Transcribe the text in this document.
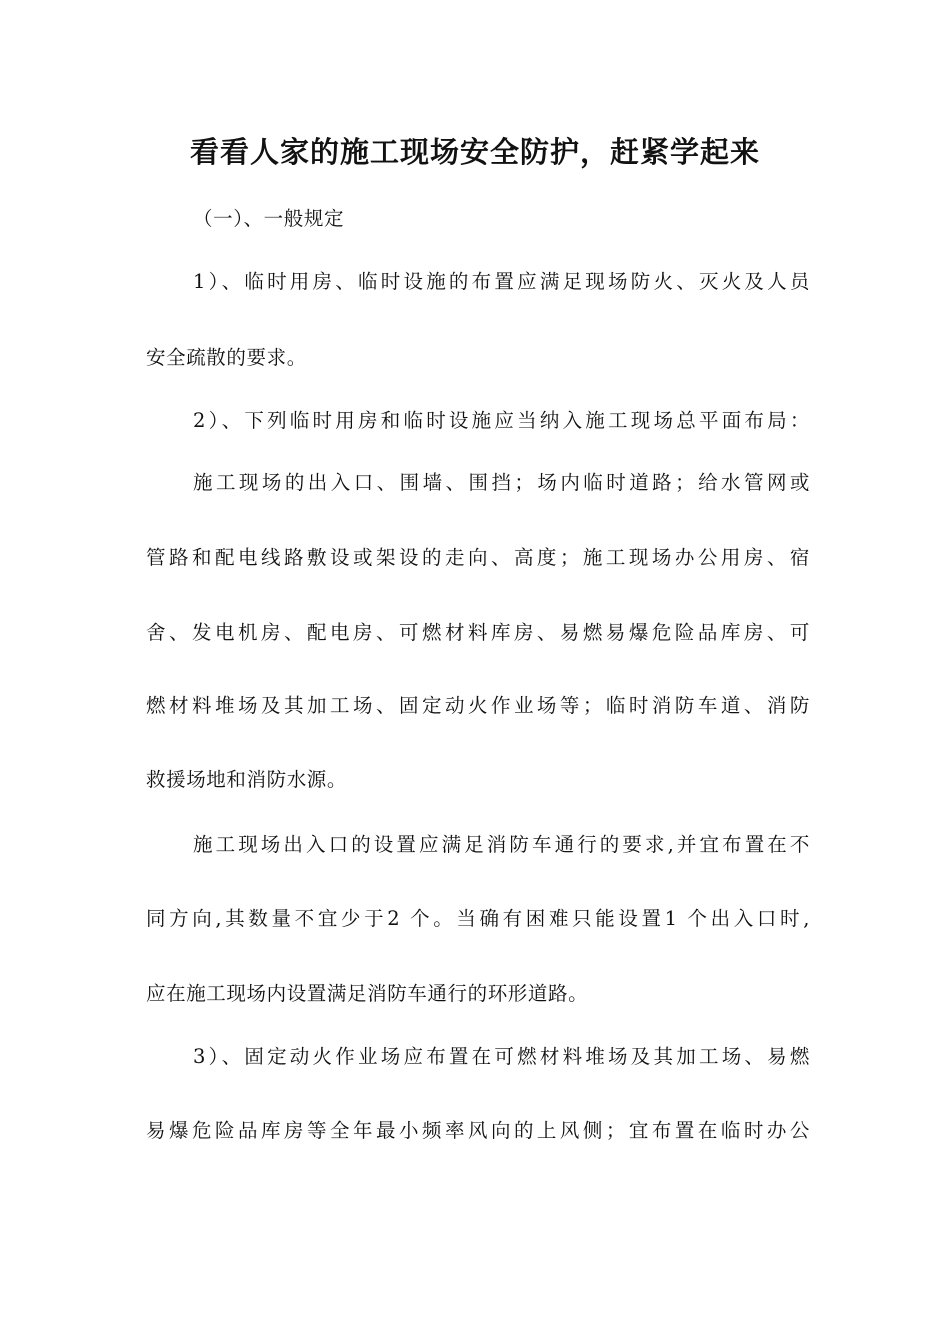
看看人家的施工现场安全防护，赶紧学起来
（一）、一般规定
1）、临时用房、临时设施的布置应满足现场防火、灭火及人员
安全疏散的要求。
2）、下列临时用房和临时设施应当纳入施工现场总平面布局：
施工现场的出入口、围墙、围挡；场内临时道路；给水管网或
管路和配电线路敷设或架设的走向、高度；施工现场办公用房、宿
舍、发电机房、配电房、可燃材料库房、易燃易爆危险品库房、可
燃材料堆场及其加工场、固定动火作业场等；临时消防车道、消防
救援场地和消防水源。
施工现场出入口的设置应满足消防车通行的要求,并宜布置在不
同方向,其数量不宜少于2 个。当确有困难只能设置1 个出入口时,
应在施工现场内设置满足消防车通行的环形道路。
3）、固定动火作业场应布置在可燃材料堆场及其加工场、易燃
易爆危险品库房等全年最小频率风向的上风侧；宜布置在临时办公
